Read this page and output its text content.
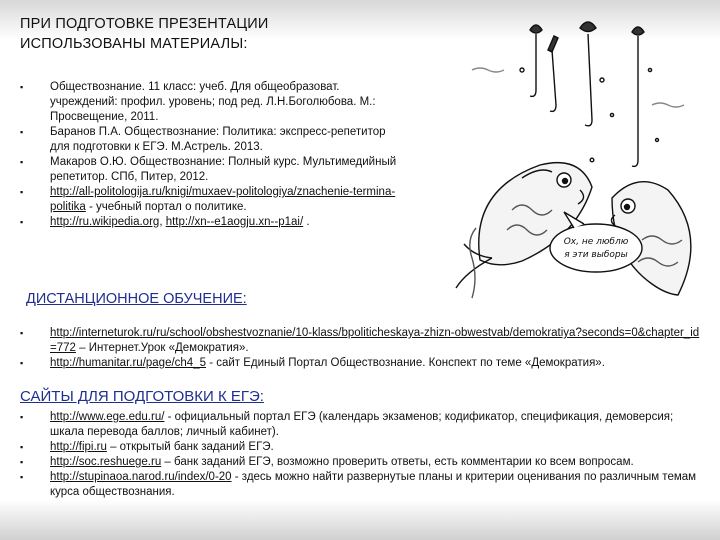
ПРИ ПОДГОТОВКЕ ПРЕЗЕНТАЦИИ
ИСПОЛЬЗОВАНЫ МАТЕРИАЛЫ:
▪ Обществознание. 11 класс: учеб. Для общеобразоват. учреждений: профил. уровень; под ред. Л.Н.Боголюбова. М.: Просвещение, 2011.
▪ Баранов П.А. Обществознание: Политика: экспресс-репетитор для подготовки к ЕГЭ. М.Астрель. 2013.
▪ Макаров О.Ю. Обществознание: Полный курс. Мультимедийный репетитор. СПб, Питер, 2012.
▪ http://all-politologija.ru/knigi/muxaev-politologiya/znachenie-termina-politika - учебный портал о политике.
▪ http://ru.wikipedia.org, http://xn--e1aogju.xn--p1ai/ .
Ох, не люблю
я эти выборы
ДИСТАНЦИОННОЕ ОБУЧЕНИЕ:
▪ http://interneturok.ru/ru/school/obshestvoznanie/10-klass/bpoliticheskaya-zhizn-obwestvab/demokratiya?seconds=0&chapter_id=772 – Интернет.Урок «Демократия».
▪ http://humanitar.ru/page/ch4_5 - сайт Единый Портал Обществознание. Конспект по теме «Демократия».
САЙТЫ ДЛЯ ПОДГОТОВКИ К ЕГЭ:
▪ http://www.ege.edu.ru/ - официальный портал ЕГЭ (календарь экзаменов; кодификатор, спецификация, демоверсия; шкала перевода баллов; личный кабинет).
▪ http://fipi.ru – открытый банк заданий ЕГЭ.
▪ http://soc.reshuege.ru – банк заданий ЕГЭ, возможно проверить ответы, есть комментарии ко всем вопросам.
▪ http://stupinaoa.narod.ru/index/0-20 - здесь можно найти развернутые планы и критерии оценивания по различным темам курса обществознания.
